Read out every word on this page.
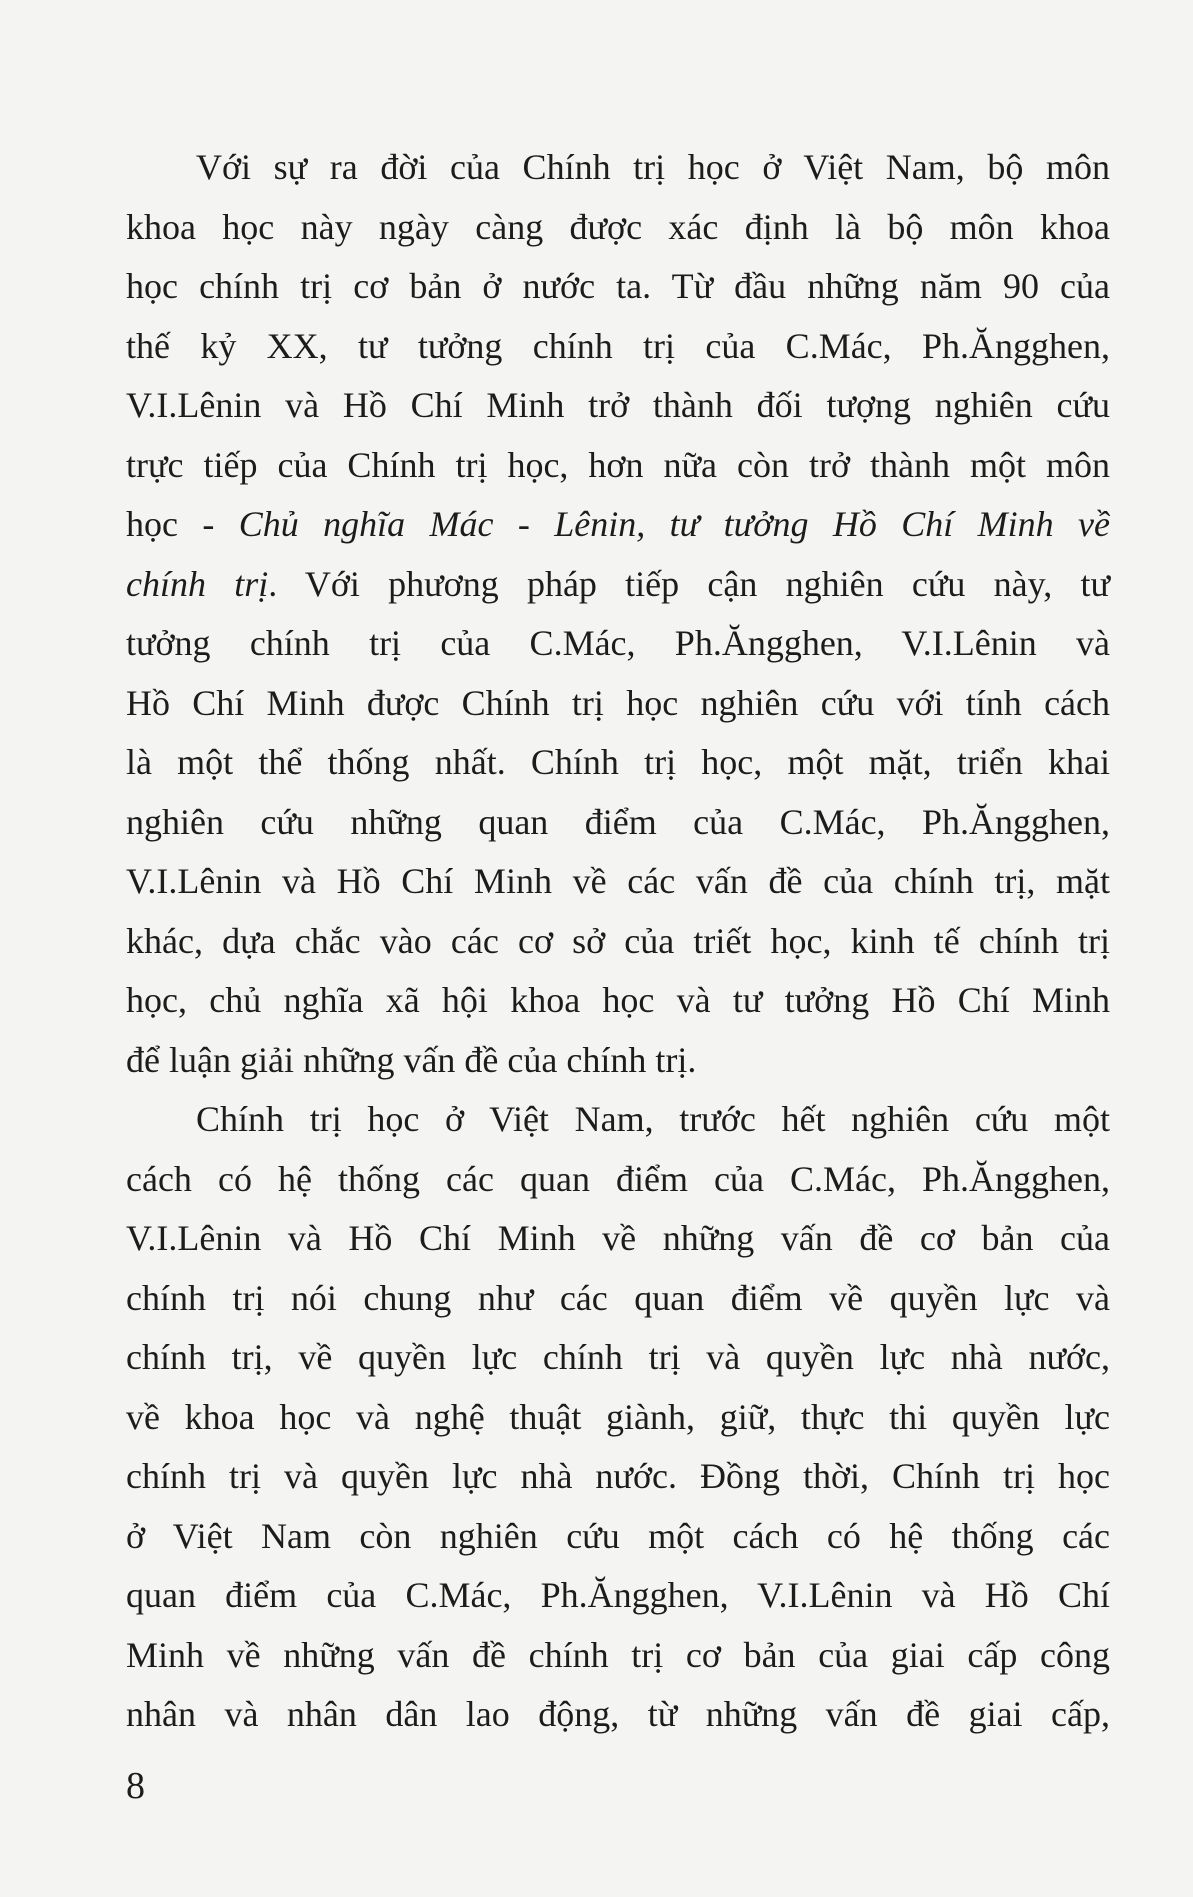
Với sự ra đời của Chính trị học ở Việt Nam, bộ môn
khoa học này ngày càng được xác định là bộ môn khoa
học chính trị cơ bản ở nước ta. Từ đầu những năm 90 của
thế kỷ XX, tư tưởng chính trị của C.Mác, Ph.Ăngghen,
V.I.Lênin và Hồ Chí Minh trở thành đối tượng nghiên cứu
trực tiếp của Chính trị học, hơn nữa còn trở thành một môn
học - Chủ nghĩa Mác - Lênin, tư tưởng Hồ Chí Minh về
chính trị. Với phương pháp tiếp cận nghiên cứu này, tư
tưởng chính trị của C.Mác, Ph.Ăngghen, V.I.Lênin và
Hồ Chí Minh được Chính trị học nghiên cứu với tính cách
là một thể thống nhất. Chính trị học, một mặt, triển khai
nghiên cứu những quan điểm của C.Mác, Ph.Ăngghen,
V.I.Lênin và Hồ Chí Minh về các vấn đề của chính trị, mặt
khác, dựa chắc vào các cơ sở của triết học, kinh tế chính trị
học, chủ nghĩa xã hội khoa học và tư tưởng Hồ Chí Minh
để luận giải những vấn đề của chính trị.

Chính trị học ở Việt Nam, trước hết nghiên cứu một
cách có hệ thống các quan điểm của C.Mác, Ph.Ăngghen,
V.I.Lênin và Hồ Chí Minh về những vấn đề cơ bản của
chính trị nói chung như các quan điểm về quyền lực và
chính trị, về quyền lực chính trị và quyền lực nhà nước,
về khoa học và nghệ thuật giành, giữ, thực thi quyền lực
chính trị và quyền lực nhà nước. Đồng thời, Chính trị học
ở Việt Nam còn nghiên cứu một cách có hệ thống các
quan điểm của C.Mác, Ph.Ăngghen, V.I.Lênin và Hồ Chí
Minh về những vấn đề chính trị cơ bản của giai cấp công
nhân và nhân dân lao động, từ những vấn đề giai cấp,

8
